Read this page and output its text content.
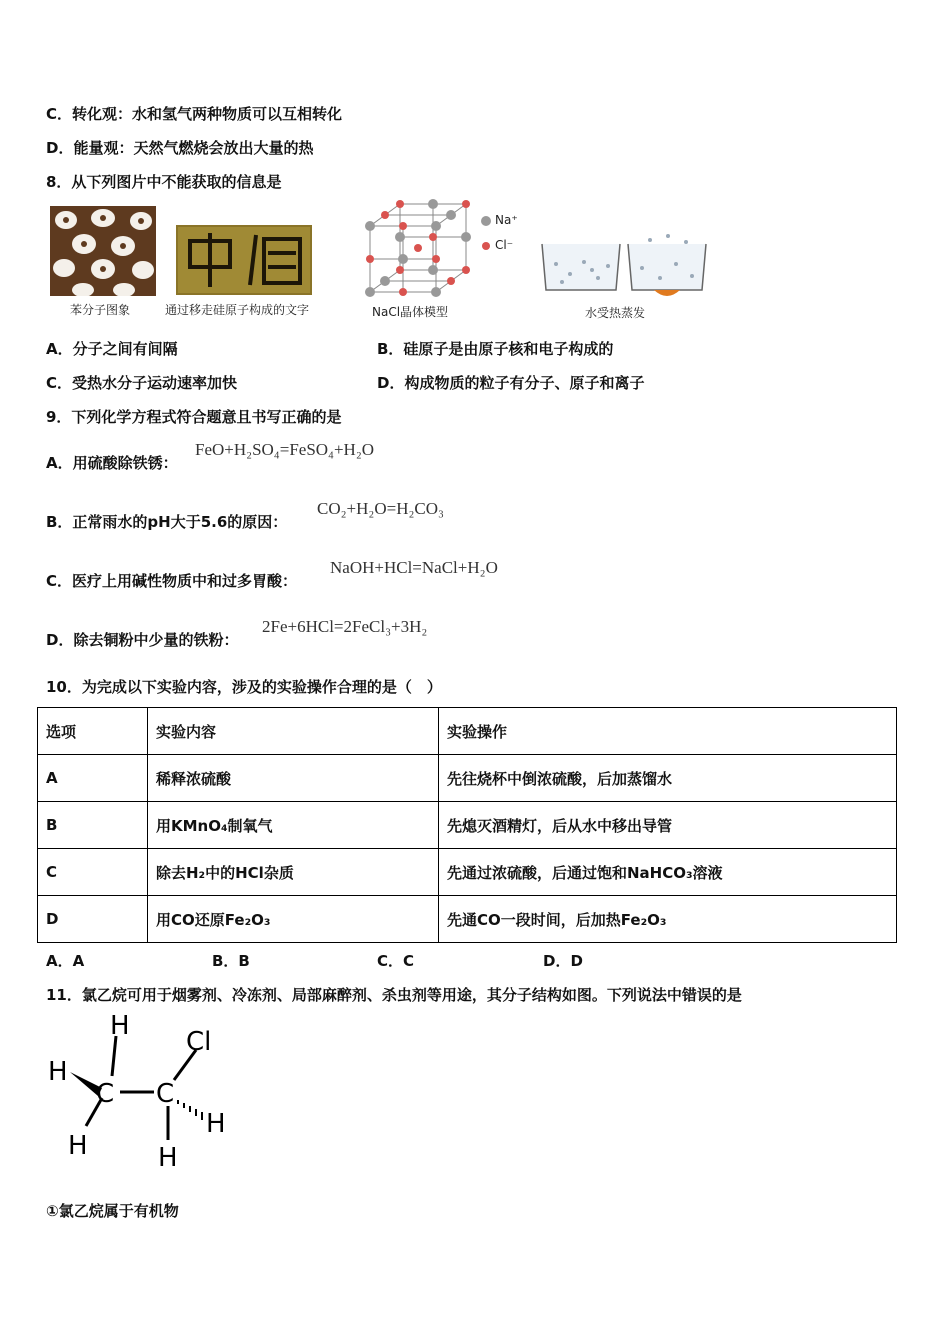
C．转化观：水和氢气两种物质可以互相转化
D．能量观：天然气燃烧会放出大量的热
8．从下列图片中不能获取的信息是
苯分子图象	通过移走硅原子构成的文字
Na⁺
Cl⁻
NaCl晶体模型	水受热蒸发
A．分子之间有间隔	B．硅原子是由原子核和电子构成的
C．受热水分子运动速率加快	D．构成物质的粒子有分子、原子和离子
9．下列化学方程式符合题意且书写正确的是
A．用硫酸除铁锈：
FeO+H₂SO₄=FeSO₄+H₂O
B．正常雨水的pH大于5.6的原因：
CO₂+H₂O=H₂CO₃
C．医疗上用碱性物质中和过多胃酸：
NaOH+HCl=NaCl+H₂O
D．除去铜粉中少量的铁粉：
2Fe+6HCl=2FeCl₃+3H₂
10．为完成以下实验内容，涉及的实验操作合理的是（　）
选项	实验内容	实验操作
A	稀释浓硫酸	先往烧杯中倒浓硫酸，后加蒸馏水
B	用KMnO₄制氧气	先熄灭酒精灯，后从水中移出导管
C	除去H₂中的HCl杂质	先通过浓硫酸，后通过饱和NaHCO₃溶液
D	用CO还原Fe₂O₃	先通CO一段时间，后加热Fe₂O₃
A．A	B．B	C．C	D．D
11．氯乙烷可用于烟雾剂、冷冻剂、局部麻醉剂、杀虫剂等用途，其分子结构如图。下列说法中错误的是
H
H
C C
Cl
H
H	H
①氯乙烷属于有机物
